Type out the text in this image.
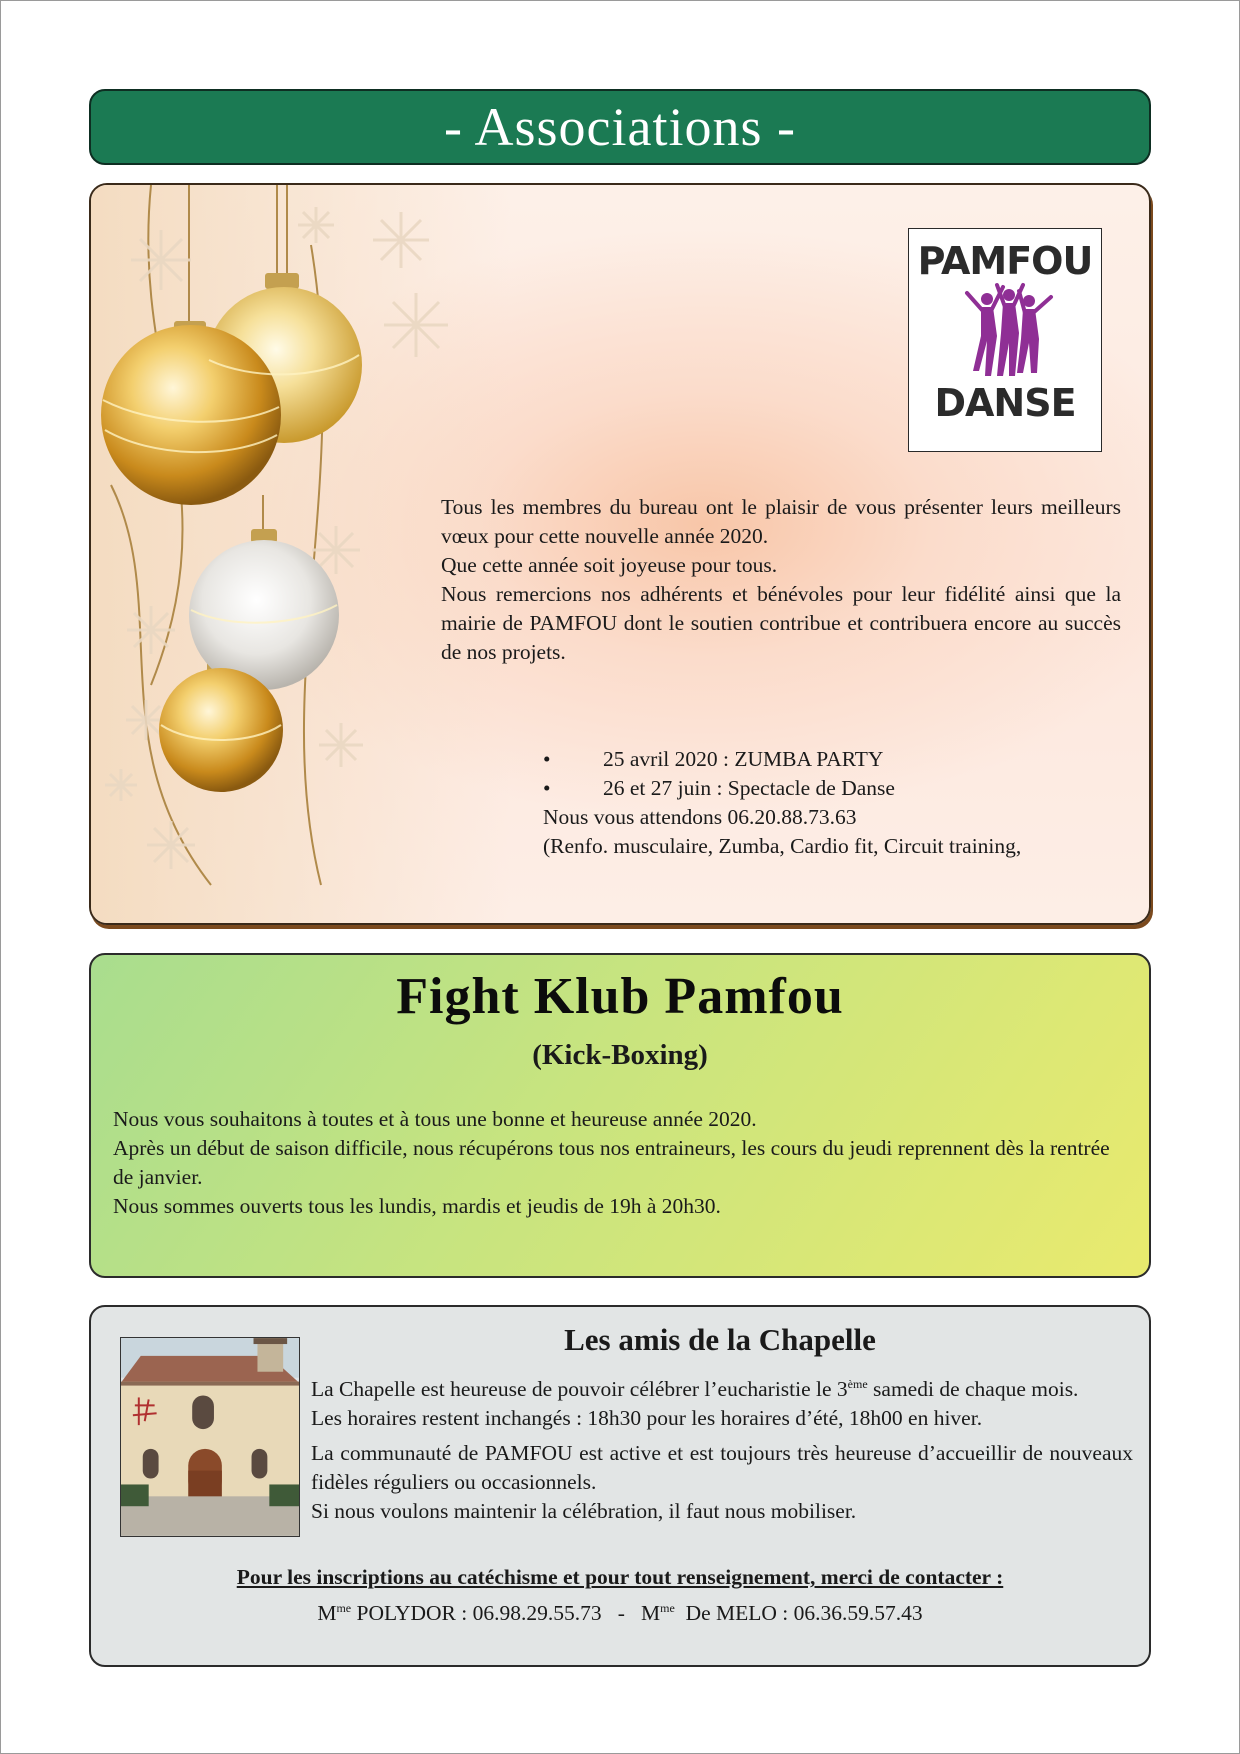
- Associations -
PAMFOU
DANSE

Tous les membres du bureau ont le plaisir de vous présenter leurs meilleurs vœux pour cette nouvelle année 2020.

Que cette année soit joyeuse pour tous.

Nous remercions nos adhérents et bénévoles pour leur fidélité ainsi que la mairie de PAMFOU dont le soutien contribue et contribuera encore au succès de nos projets.

• 25 avril 2020 : ZUMBA PARTY
• 26 et 27 juin : Spectacle de Danse

Nous vous attendons 06.20.88.73.63

(Renfo. musculaire, Zumba, Cardio fit, Circuit training,

Fight Klub Pamfou
(Kick-Boxing)

Nous vous souhaitons à toutes et à tous une bonne et heureuse année 2020.

Après un début de saison difficile, nous récupérons tous nos entraineurs, les cours du jeudi reprennent dès la rentrée de janvier.

Nous sommes ouverts tous les lundis, mardis et jeudis de 19h à 20h30.

Les amis de la Chapelle

La Chapelle est heureuse de pouvoir célébrer l’eucharistie le 3ème samedi de chaque mois.

Les horaires restent inchangés : 18h30 pour les horaires d’été, 18h00 en hiver.

La communauté de PAMFOU est active et est toujours très heureuse d’accueillir de nouveaux fidèles réguliers ou occasionnels.

Si nous voulons maintenir la célébration, il faut nous mobiliser.

Pour les inscriptions au catéchisme et pour tout renseignement, merci de contacter :
$M^{me}$ POLYDOR : $06.98.29.55.73 - M^{me}$  De MELO : 06.36.59.57.43
